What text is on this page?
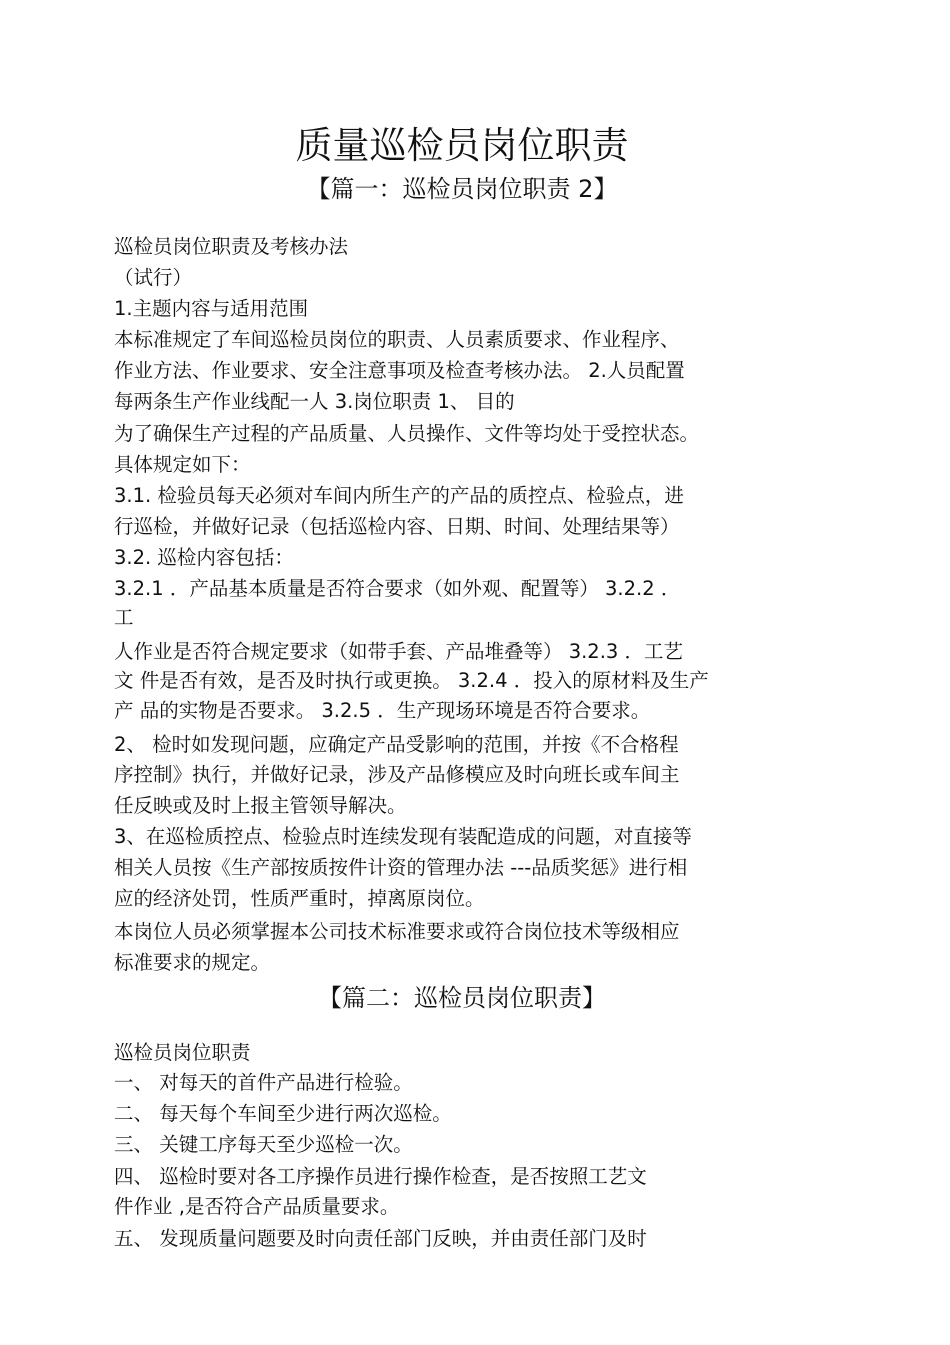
质量巡检员岗位职责
【篇一：巡检员岗位职责 2】
巡检员岗位职责及考核办法
（试行）
1.主题内容与适用范围
本标准规定了车间巡检员岗位的职责、人员素质要求、作业程序、
作业方法、作业要求、安全注意事项及检查考核办法。 2.人员配置
每两条生产作业线配一人 3.岗位职责 1、 目的
为了确保生产过程的产品质量、人员操作、文件等均处于受控状态。
具体规定如下：
3.1. 检验员每天必须对车间内所生产的产品的质控点、检验点，进
行巡检，并做好记录（包括巡检内容、日期、时间、处理结果等）
3.2. 巡检内容包括：
3.2.1 ．产品基本质量是否符合要求（如外观、配置等） 3.2.2 ．
工
人作业是否符合规定要求（如带手套、产品堆叠等） 3.2.3 ．工艺
文 件是否有效，是否及时执行或更换。 3.2.4 ．投入的原材料及生产
产 品的实物是否要求。 3.2.5 ．生产现场环境是否符合要求。
2、 检时如发现问题，应确定产品受影响的范围，并按《不合格程
序控制》执行，并做好记录，涉及产品修模应及时向班长或车间主
任反映或及时上报主管领导解决。
3、在巡检质控点、检验点时连续发现有装配造成的问题，对直接等
相关人员按《生产部按质按件计资的管理办法 ---品质奖惩》进行相
应的经济处罚，性质严重时，掉离原岗位。
本岗位人员必须掌握本公司技术标准要求或符合岗位技术等级相应
标准要求的规定。
【篇二：巡检员岗位职责】
巡检员岗位职责
一、 对每天的首件产品进行检验。
二、 每天每个车间至少进行两次巡检。
三、 关键工序每天至少巡检一次。
四、 巡检时要对各工序操作员进行操作检查，是否按照工艺文
件作业 ,是否符合产品质量要求。
五、 发现质量问题要及时向责任部门反映，并由责任部门及时
